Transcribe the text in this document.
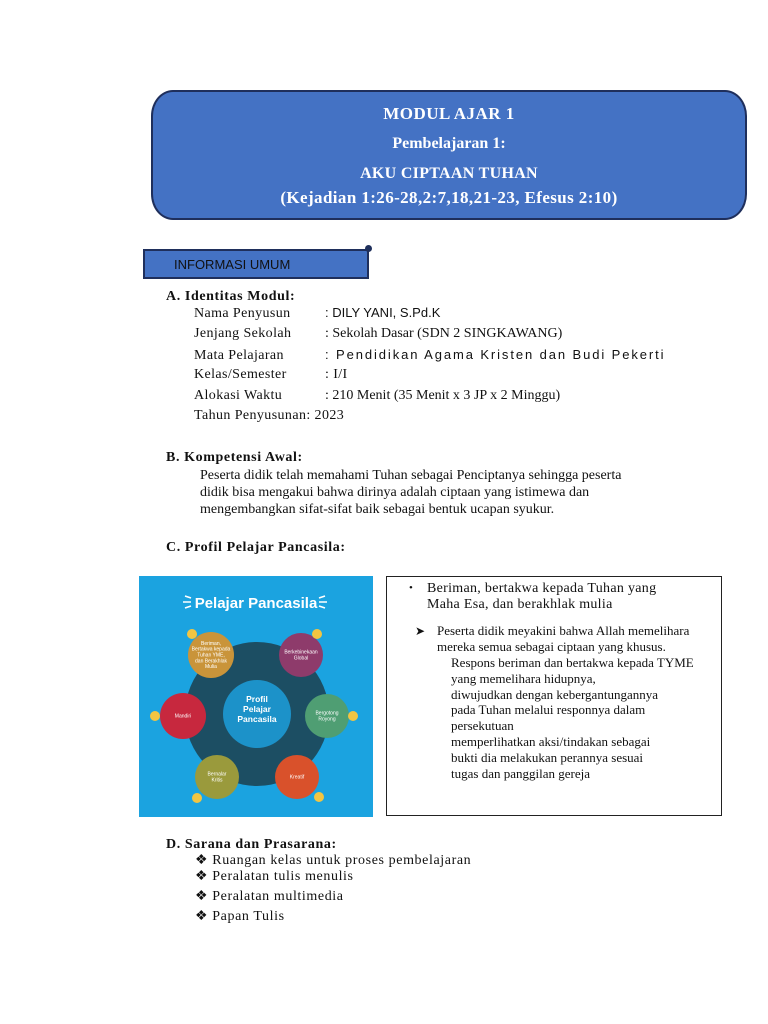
MODUL AJAR 1
Pembelajaran 1:
AKU CIPTAAN TUHAN
(Kejadian 1:26-28,2:7,18,21-23, Efesus 2:10)
INFORMASI UMUM
A. Identitas Modul:
Nama Penyusun	: DILY YANI, S.Pd.K
Jenjang Sekolah : Sekolah Dasar (SDN 2 SINGKAWANG)
Mata Pelajaran	: Pendidikan Agama Kristen dan Budi Pekerti
Kelas/Semester	: I/I
Alokasi Waktu	: 210 Menit (35 Menit x 3 JP x 2 Minggu)
Tahun Penyusunan: 2023
B. Kompetensi Awal:
Peserta didik telah memahami Tuhan sebagai Penciptanya sehingga peserta
didik bisa mengakui bahwa dirinya adalah ciptaan yang istimewa dan
mengembangkan sifat-sifat baik sebagai bentuk ucapan syukur.
C. Profil Pelajar Pancasila:
Pelajar Pancasila
Profil Pelajar Pancasila
Beriman, Bertakwa kepada Tuhan YME, dan Berakhlak Mulia
Berkebinekaan Global
Bergotong Royong
Kreatif
Bernalar Kritis
Mandiri
• Beriman, bertakwa kepada Tuhan yang
Maha Esa, dan berakhlak mulia
➤ Peserta didik meyakini bahwa Allah memelihara
mereka semua sebagai ciptaan yang khusus.
Respons beriman dan bertakwa kepada TYME
yang memelihara hidupnya,
diwujudkan dengan kebergantungannya
pada Tuhan melalui responnya dalam
persekutuan
memperlihatkan aksi/tindakan sebagai
bukti dia melakukan perannya sesuai
tugas dan panggilan gereja
D. Sarana dan Prasarana:
❖ Ruangan kelas untuk proses pembelajaran
❖ Peralatan tulis menulis
❖ Peralatan multimedia
❖ Papan Tulis
